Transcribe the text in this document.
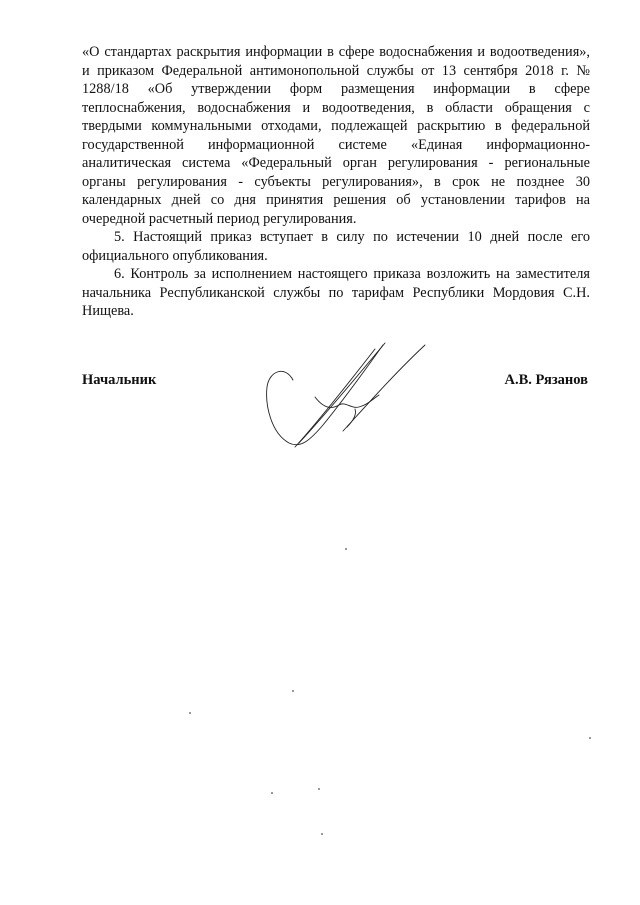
«О стандартах раскрытия информации в сфере водоснабжения и водоотведения», и приказом Федеральной антимонопольной службы от 13 сентября 2018 г. № 1288/18 «Об утверждении форм размещения информации в сфере теплоснабжения, водоснабжения и водоотведения, в области обращения с твердыми коммунальными отходами, подлежащей раскрытию в федеральной государственной информационной системе «Единая информационно-аналитическая система «Федеральный орган регулирования - региональные органы регулирования - субъекты регулирования», в срок не позднее 30 календарных дней со дня принятия решения об установлении тарифов на очередной расчетный период регулирования.

5. Настоящий приказ вступает в силу по истечении 10 дней после его официального опубликования.

6. Контроль за исполнением настоящего приказа возложить на заместителя начальника Республиканской службы по тарифам Республики Мордовия С.Н. Нищева.

Начальник	А.В. Рязанов
